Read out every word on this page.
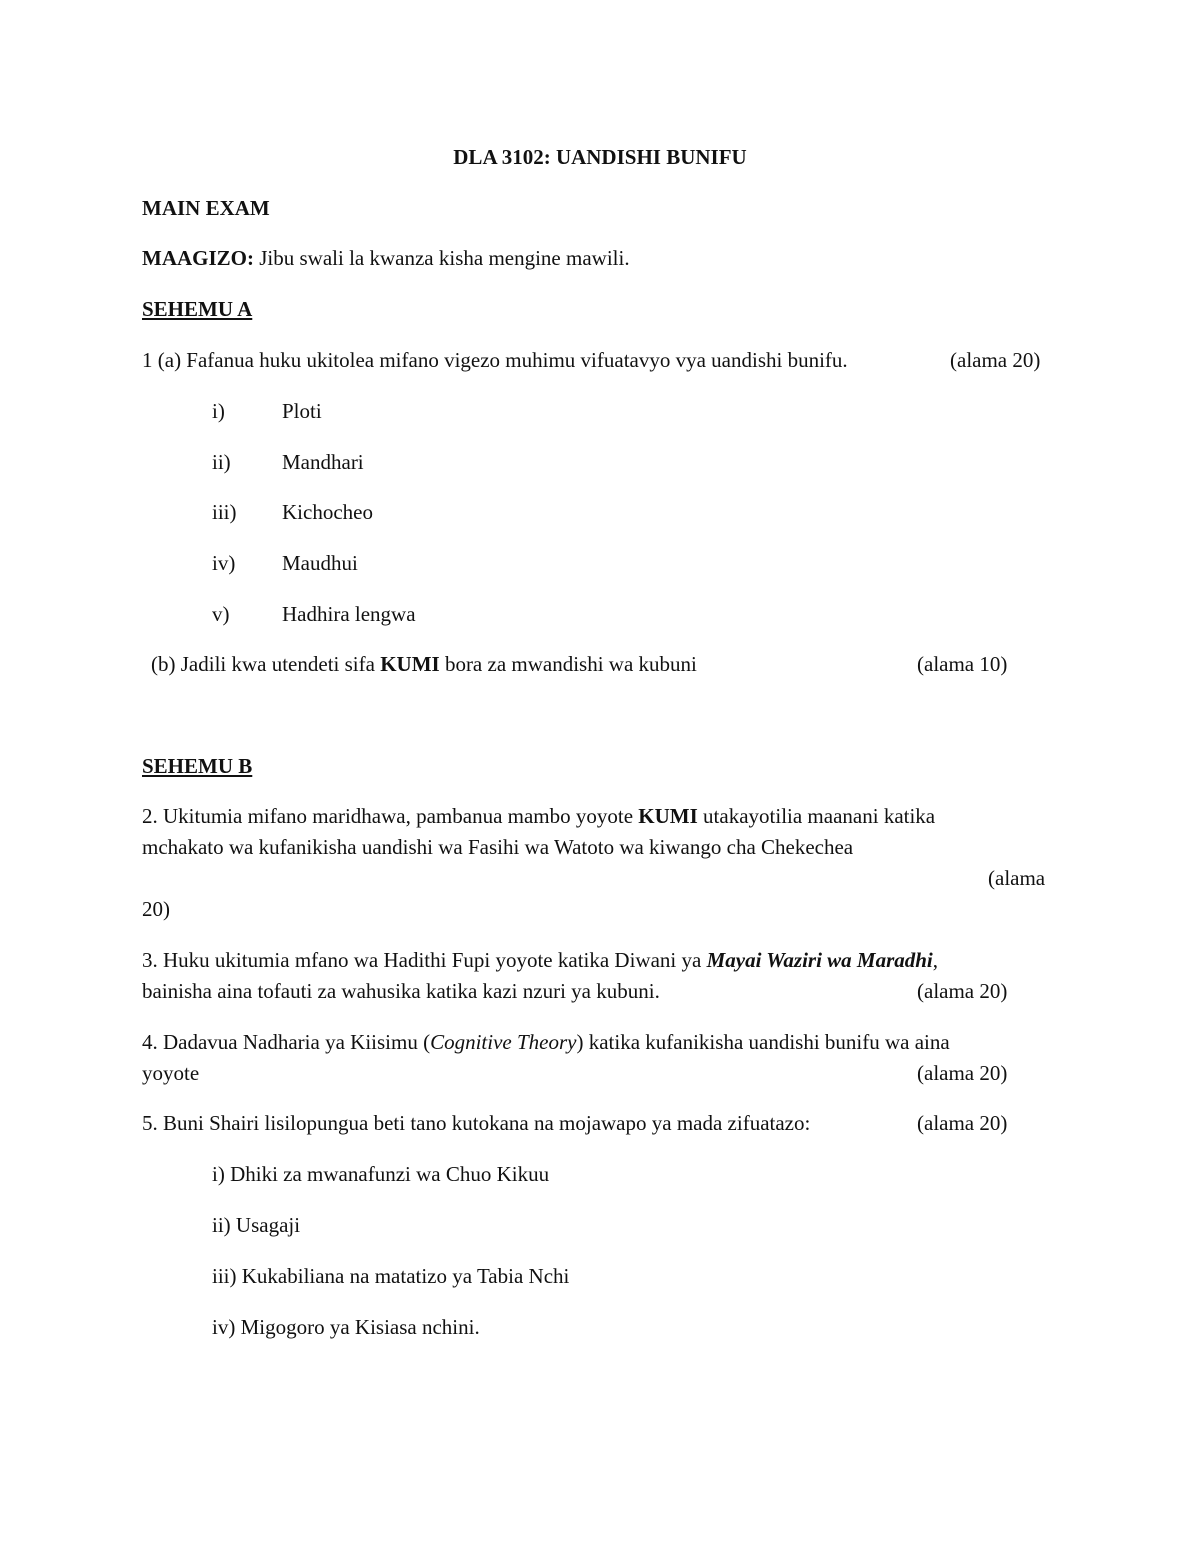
DLA 3102: UANDISHI BUNIFU
MAIN EXAM
MAAGIZO: Jibu swali la kwanza kisha mengine mawili.
SEHEMU A
1 (a) Fafanua huku ukitolea mifano vigezo muhimu vifuatavyo vya uandishi bunifu.	(alama 20)
i)	Ploti
ii) Mandhari
iii) Kichocheo
iv) Maudhui
v)	Hadhira lengwa
(b) Jadili kwa utendeti sifa KUMI bora za mwandishi wa kubuni	(alama 10)
SEHEMU B
2. Ukitumia mifano maridhawa, pambanua mambo yoyote KUMI utakayotilia maanani katika
mchakato wa kufanikisha uandishi wa Fasihi wa Watoto wa kiwango cha Chekechea
(alama
20)
3. Huku ukitumia mfano wa Hadithi Fupi yoyote katika Diwani ya Mayai Waziri wa Maradhi,
bainisha aina tofauti za wahusika katika kazi nzuri ya kubuni.	(alama 20)
4. Dadavua Nadharia ya Kiisimu (Cognitive Theory) katika kufanikisha uandishi bunifu wa aina
yoyote	(alama 20)
5. Buni Shairi lisilopungua beti tano kutokana na mojawapo ya mada zifuatazo:	(alama 20)
i) Dhiki za mwanafunzi wa Chuo Kikuu
ii) Usagaji
iii) Kukabiliana na matatizo ya Tabia Nchi
iv) Migogoro ya Kisiasa nchini.
